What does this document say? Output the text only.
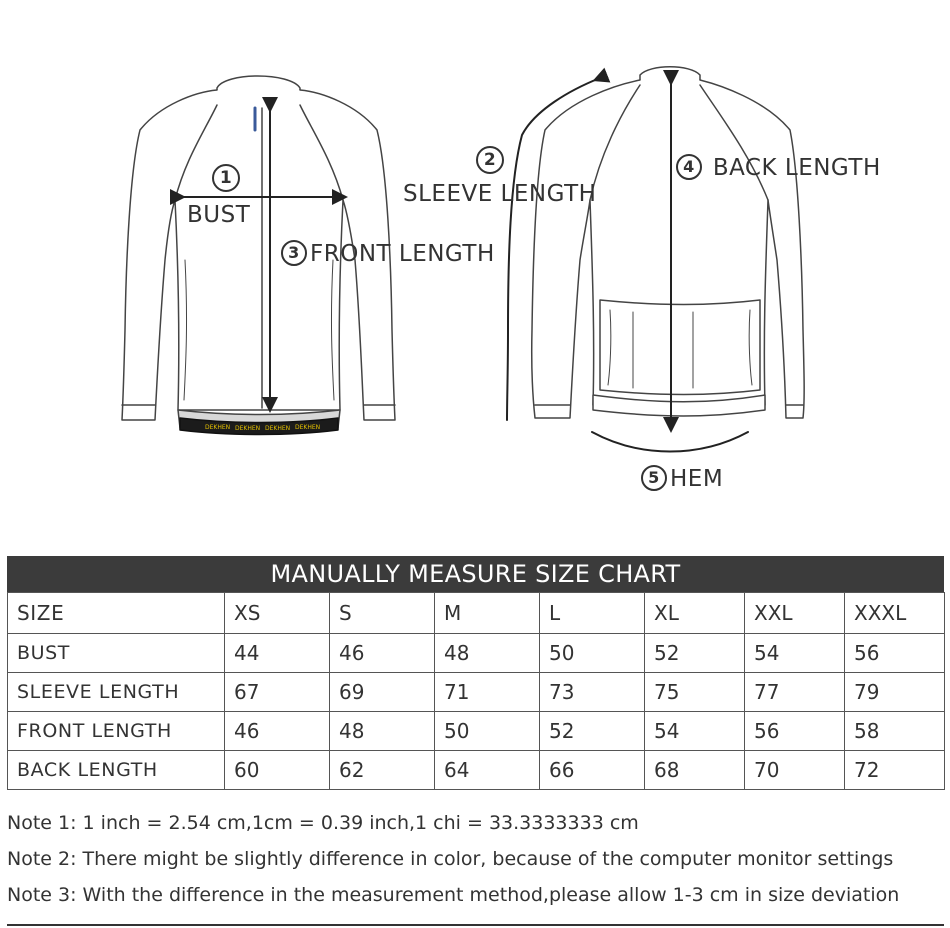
DEKHEN DEKHEN DEKHEN DEKHEN
1
BUST
2
SLEEVE LENGTH
3 FRONT LENGTH
4 BACK LENGTH
5 HEM
MANUALLY MEASURE SIZE CHART
SIZE	XS	S	M	L	XL	XXL	XXXL
BUST	44	46	48	50	52	54	56
SLEEVE LENGTH	67	69	71	73	75	77	79
FRONT LENGTH	46	48	50	52	54	56	58
BACK LENGTH	60	62	64	66	68	70	72
Note 1: 1 inch = 2.54 cm,1cm = 0.39 inch,1 chi = 33.3333333 cm
Note 2: There might be slightly difference in color, because of the computer monitor settings
Note 3: With the difference in the measurement method,please allow 1-3 cm in size deviation
